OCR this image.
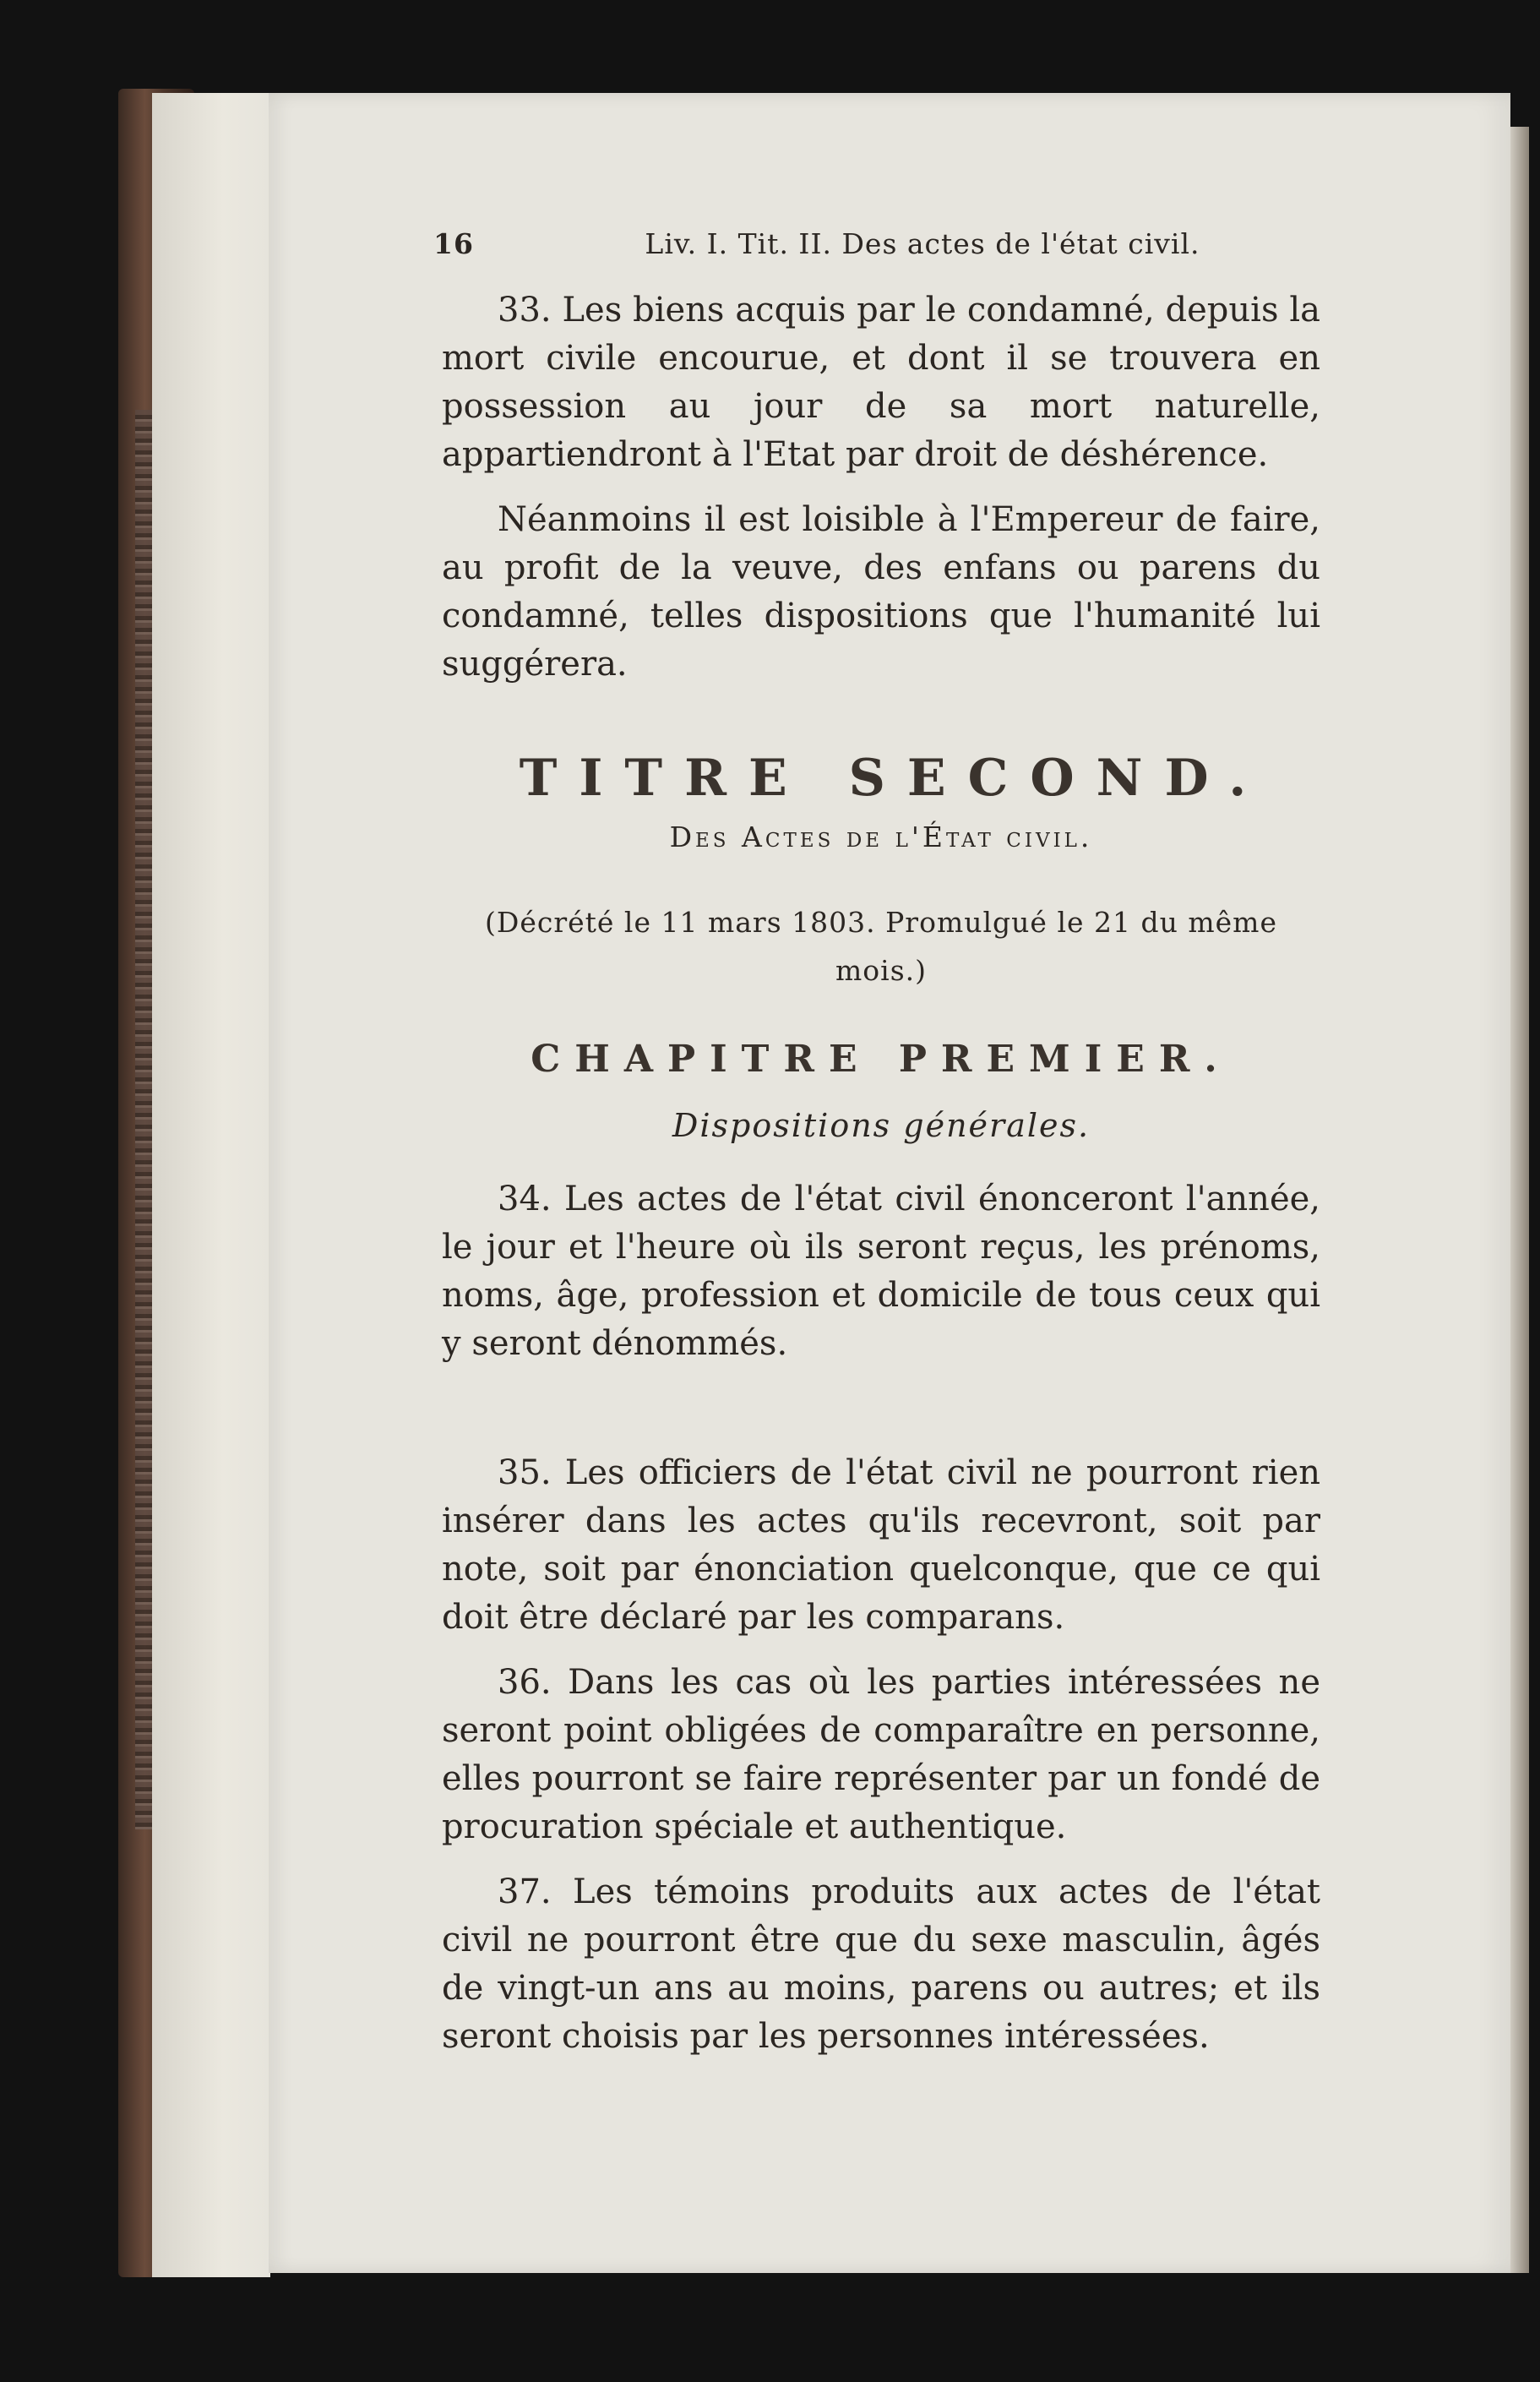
16	Liv. I. Tit. II. Des actes de l'état civil.

33. Les biens acquis par le condamné, depuis la mort civile encourue, et dont il se trouvera en possession au jour de sa mort naturelle, appartiendront à l'Etat par droit de déshérence.

Néanmoins il est loisible à l'Empereur de faire, au profit de la veuve, des enfans ou parens du condamné, telles dispositions que l'humanité lui suggérera.

TITRE SECOND.
Des Actes de l'État civil.
(Décrété le 11 mars 1803. Promulgué le 21 du même mois.)
CHAPITRE PREMIER.
Dispositions générales.

34. Les actes de l'état civil énonceront l'année, le jour et l'heure où ils seront reçus, les prénoms, noms, âge, profession et domicile de tous ceux qui y seront dénommés.

35. Les officiers de l'état civil ne pourront rien insérer dans les actes qu'ils recevront, soit par note, soit par énonciation quelconque, que ce qui doit être déclaré par les comparans.

36. Dans les cas où les parties intéressées ne seront point obligées de comparaître en personne, elles pourront se faire représenter par un fondé de procuration spéciale et authentique.

37. Les témoins produits aux actes de l'état civil ne pourront être que du sexe masculin, âgés de vingt-un ans au moins, parens ou autres; et ils seront choisis par les personnes intéressées.
